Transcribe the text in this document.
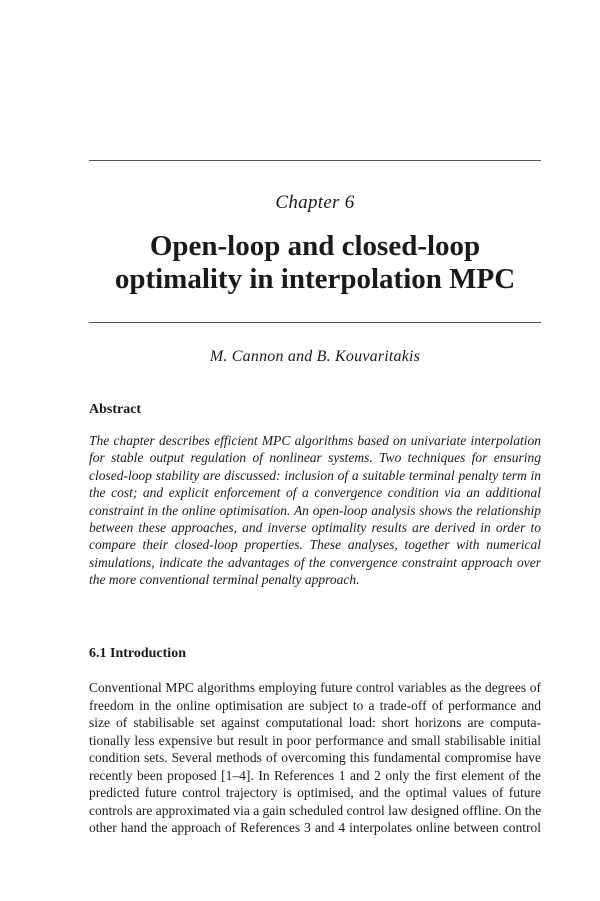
Chapter 6
Open-loop and closed-loop
optimality in interpolation MPC
M. Cannon and B. Kouvaritakis
Abstract
The chapter describes efficient MPC algorithms based on univariate interpolation
for stable output regulation of nonlinear systems. Two techniques for ensuring
closed-loop stability are discussed: inclusion of a suitable terminal penalty term in
the cost; and explicit enforcement of a convergence condition via an additional
constraint in the online optimisation. An open-loop analysis shows the relationship
between these approaches, and inverse optimality results are derived in order to
compare their closed-loop properties. These analyses, together with numerical
simulations, indicate the advantages of the convergence constraint approach over
the more conventional terminal penalty approach.
6.1 Introduction
Conventional MPC algorithms employing future control variables as the degrees of
freedom in the online optimisation are subject to a trade-off of performance and
size of stabilisable set against computational load: short horizons are computa-
tionally less expensive but result in poor performance and small stabilisable initial
condition sets. Several methods of overcoming this fundamental compromise have
recently been proposed [1–4]. In References 1 and 2 only the first element of the
predicted future control trajectory is optimised, and the optimal values of future
controls are approximated via a gain scheduled control law designed offline. On the
other hand the approach of References 3 and 4 interpolates online between control
